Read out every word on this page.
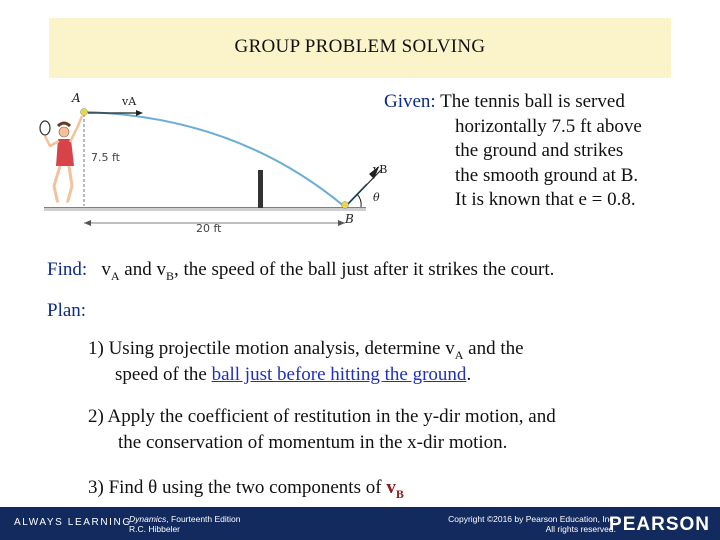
GROUP PROBLEM SOLVING
A	vA
7.5 ft
vB
θ
B
20 ft
Given: The tennis ball is served
horizontally 7.5 ft above
the ground and strikes
the smooth ground at B.
It is known that e = 0.8.
Find: $v_A$ and $v_B$, the speed of the ball just after it strikes the court.
Plan:
1) Using projectile motion analysis, determine $v_A$ and the
speed of the ball just before hitting the ground.
2) Apply the coefficient of restitution in the y-dir motion, and
the conservation of momentum in the x-dir motion.
3) Find θ using the two components of $v_B$
ALWAYS LEARNING
Dynamics, Fourteenth Edition
R.C. Hibbeler
Copyright ©2016 by Pearson Education, Inc.
All rights reserved.
PEARSON
